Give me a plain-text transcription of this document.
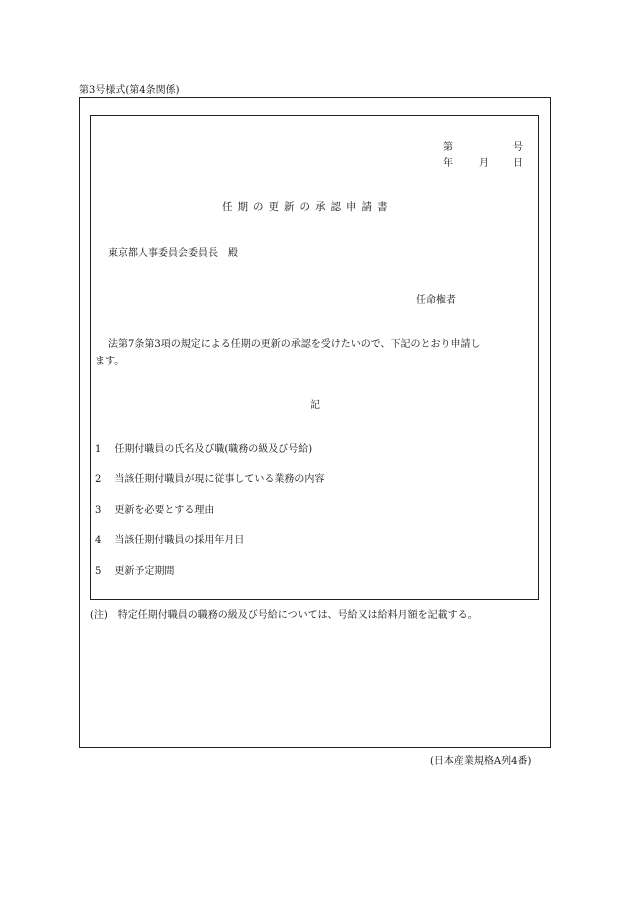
第3号様式(第4条関係)
第	号
年	月 日
任期の更新の承認申請書
東京都人事委員会委員長　殿
任命権者
法第7条第3項の規定による任期の更新の承認を受けたいので、下記のとおり申請し
ます。
記
1 任期付職員の氏名及び職(職務の級及び号給)
2 当該任期付職員が現に従事している業務の内容
3 更新を必要とする理由
4 当該任期付職員の採用年月日
5 更新予定期間
(注)　特定任期付職員の職務の級及び号給については、号給又は給料月額を記載する。
(日本産業規格A列4番)
